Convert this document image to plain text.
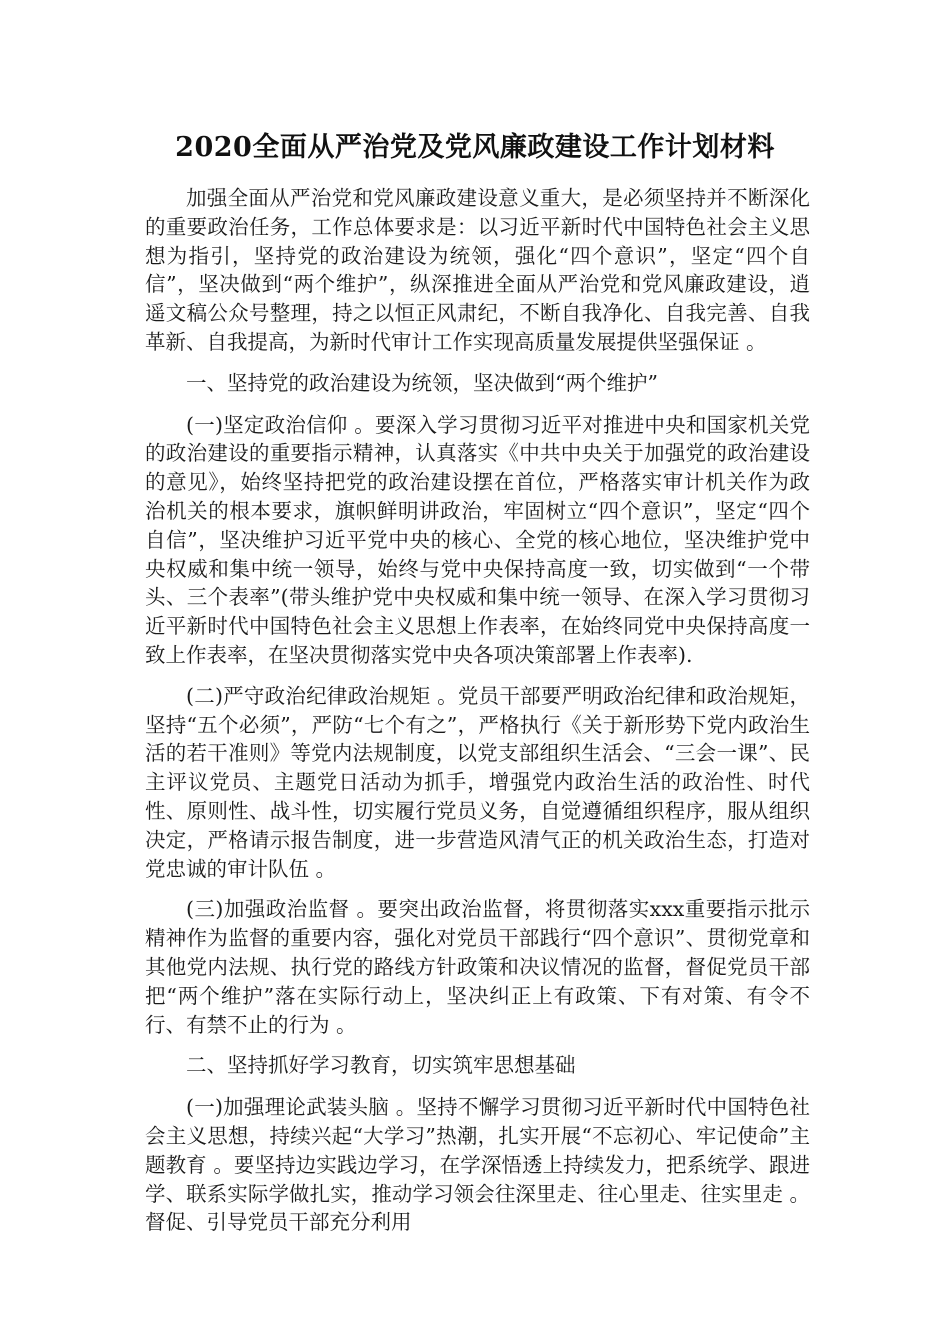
2020全面从严治党及党风廉政建设工作计划材料

加强全面从严治党和党风廉政建设意义重大，是必须坚持并不断深化的重要政治任务，工作总体要求是：以习近平新时代中国特色社会主义思想为指引，坚持党的政治建设为统领，强化“四个意识”，坚定“四个自信”，坚决做到“两个维护”，纵深推进全面从严治党和党风廉政建设，逍遥文稿公众号整理，持之以恒正风肃纪，不断自我净化、自我完善、自我革新、自我提高，为新时代审计工作实现高质量发展提供坚强保证 。

一、坚持党的政治建设为统领，坚决做到“两个维护”

(一)坚定政治信仰 。要深入学习贯彻习近平对推进中央和国家机关党的政治建设的重要指示精神，认真落实《中共中央关于加强党的政治建设的意见》，始终坚持把党的政治建设摆在首位，严格落实审计机关作为政治机关的根本要求，旗帜鲜明讲政治，牢固树立“四个意识”，坚定“四个自信”，坚决维护习近平党中央的核心、全党的核心地位，坚决维护党中央权威和集中统一领导，始终与党中央保持高度一致，切实做到“一个带头、三个表率”(带头维护党中央权威和集中统一领导、在深入学习贯彻习近平新时代中国特色社会主义思想上作表率，在始终同党中央保持高度一致上作表率，在坚决贯彻落实党中央各项决策部署上作表率).

(二)严守政治纪律政治规矩 。党员干部要严明政治纪律和政治规矩，坚持“五个必须”，严防“七个有之”，严格执行《关于新形势下党内政治生活的若干准则》等党内法规制度，以党支部组织生活会、“三会一课”、民主评议党员、主题党日活动为抓手，增强党内政治生活的政治性、时代性、原则性、战斗性，切实履行党员义务，自觉遵循组织程序，服从组织决定，严格请示报告制度，进一步营造风清气正的机关政治生态，打造对党忠诚的审计队伍 。

(三)加强政治监督 。要突出政治监督，将贯彻落实xxx重要指示批示精神作为监督的重要内容，强化对党员干部践行“四个意识”、贯彻党章和其他党内法规、执行党的路线方针政策和决议情况的监督，督促党员干部把“两个维护”落在实际行动上，坚决纠正上有政策、下有对策、有令不行、有禁不止的行为 。

二、坚持抓好学习教育，切实筑牢思想基础

(一)加强理论武装头脑 。坚持不懈学习贯彻习近平新时代中国特色社会主义思想，持续兴起“大学习”热潮，扎实开展“不忘初心、牢记使命”主题教育 。要坚持边实践边学习，在学深悟透上持续发力，把系统学、跟进学、联系实际学做扎实，推动学习领会往深里走、往心里走、往实里走 。督促、引导党员干部充分利用
